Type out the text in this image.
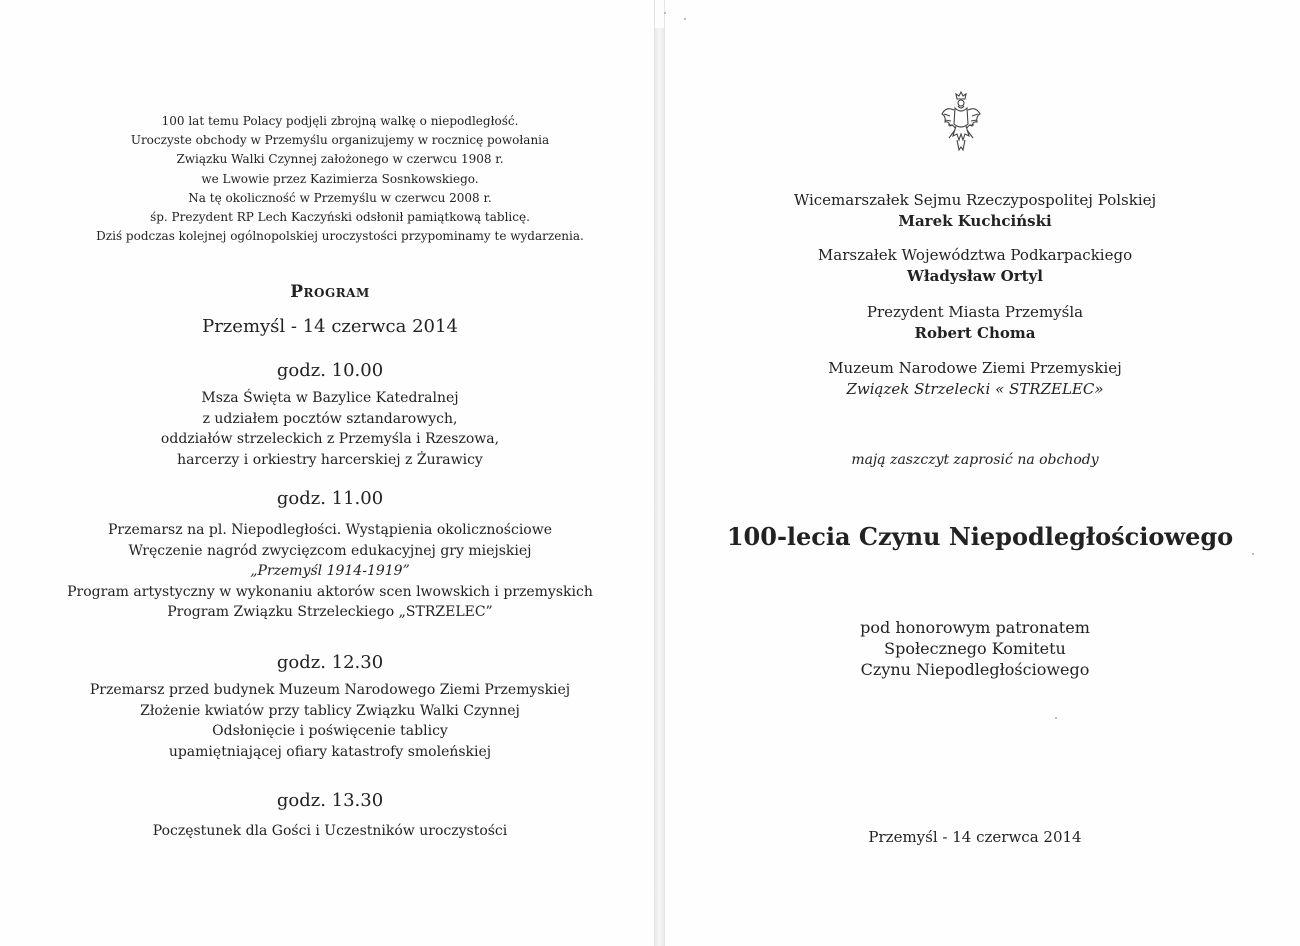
100 lat temu Polacy podjęli zbrojną walkę o niepodległość.
Uroczyste obchody w Przemyślu organizujemy w rocznicę powołania
Związku Walki Czynnej założonego w czerwcu 1908 r.
we Lwowie przez Kazimierza Sosnkowskiego.
Na tę okoliczność w Przemyślu w czerwcu 2008 r.
śp. Prezydent RP Lech Kaczyński odsłonił pamiątkową tablicę.
Dziś podczas kolejnej ogólnopolskiej uroczystości przypominamy te wydarzenia.
Program
Przemyśl - 14 czerwca 2014
godz. 10.00
Msza Święta w Bazylice Katedralnej
z udziałem pocztów sztandarowych,
oddziałów strzeleckich z Przemyśla i Rzeszowa,
harcerzy i orkiestry harcerskiej z Żurawicy
godz. 11.00
Przemarsz na pl. Niepodległości. Wystąpienia okolicznościowe
Wręczenie nagród zwycięzcom edukacyjnej gry miejskiej
„Przemyśl 1914-1919”
Program artystyczny w wykonaniu aktorów scen lwowskich i przemyskich
Program Związku Strzeleckiego „STRZELEC”
godz. 12.30
Przemarsz przed budynek Muzeum Narodowego Ziemi Przemyskiej
Złożenie kwiatów przy tablicy Związku Walki Czynnej
Odsłonięcie i poświęcenie tablicy
upamiętniającej ofiary katastrofy smoleńskiej
godz. 13.30
Poczęstunek dla Gości i Uczestników uroczystości
Wicemarszałek Sejmu Rzeczypospolitej Polskiej
Marek Kuchciński
Marszałek Województwa Podkarpackiego
Władysław Ortyl
Prezydent Miasta Przemyśla
Robert Choma
Muzeum Narodowe Ziemi Przemyskiej
Związek Strzelecki « STRZELEC»
mają zaszczyt zaprosić na obchody
100-lecia Czynu Niepodległościowego
pod honorowym patronatem
Społecznego Komitetu
Czynu Niepodległościowego
Przemyśl - 14 czerwca 2014
